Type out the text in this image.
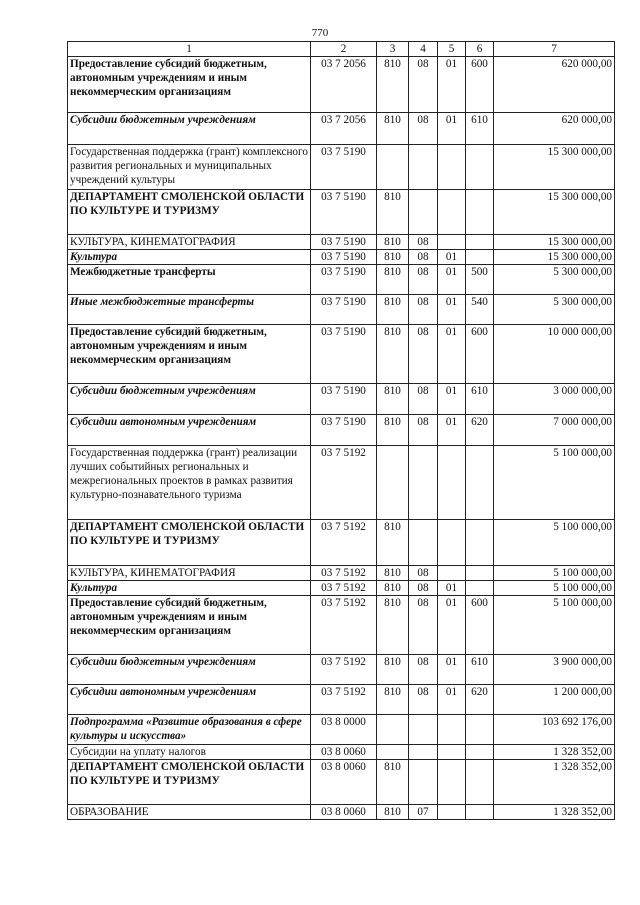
770
1	2	3	4	5	6	7
Предоставление субсидий бюджетным, автономным учреждениям и иным некоммерческим организациям	03 7 2056	810	08	01	600	620 000,00
Субсидии бюджетным учреждениям	03 7 2056	810	08	01	610	620 000,00
Государственная поддержка (грант) комплексного развития региональных и муниципальных учреждений культуры	03 7 5190					15 300 000,00
ДЕПАРТАМЕНТ СМОЛЕНСКОЙ ОБЛАСТИ ПО КУЛЬТУРЕ И ТУРИЗМУ	03 7 5190	810				15 300 000,00
КУЛЬТУРА, КИНЕМАТОГРАФИЯ	03 7 5190	810	08			15 300 000,00
Культура	03 7 5190	810	08	01		15 300 000,00
Межбюджетные трансферты	03 7 5190	810	08	01	500	5 300 000,00
Иные межбюджетные трансферты	03 7 5190	810	08	01	540	5 300 000,00
Предоставление субсидий бюджетным, автономным учреждениям и иным некоммерческим организациям	03 7 5190	810	08	01	600	10 000 000,00
Субсидии бюджетным учреждениям	03 7 5190	810	08	01	610	3 000 000,00
Субсидии автономным учреждениям	03 7 5190	810	08	01	620	7 000 000,00
Государственная поддержка (грант) реализации лучших событийных региональных и межрегиональных проектов в рамках развития культурно-познавательного туризма	03 7 5192					5 100 000,00
ДЕПАРТАМЕНТ СМОЛЕНСКОЙ ОБЛАСТИ ПО КУЛЬТУРЕ И ТУРИЗМУ	03 7 5192	810				5 100 000,00
КУЛЬТУРА, КИНЕМАТОГРАФИЯ	03 7 5192	810	08			5 100 000,00
Культура	03 7 5192	810	08	01		5 100 000,00
Предоставление субсидий бюджетным, автономным учреждениям и иным некоммерческим организациям	03 7 5192	810	08	01	600	5 100 000,00
Субсидии бюджетным учреждениям	03 7 5192	810	08	01	610	3 900 000,00
Субсидии автономным учреждениям	03 7 5192	810	08	01	620	1 200 000,00
Подпрограмма «Развитие образования в сфере культуры и искусства»	03 8 0000					103 692 176,00
Субсидии на уплату налогов	03 8 0060					1 328 352,00
ДЕПАРТАМЕНТ СМОЛЕНСКОЙ ОБЛАСТИ ПО КУЛЬТУРЕ И ТУРИЗМУ	03 8 0060	810				1 328 352,00
ОБРАЗОВАНИЕ	03 8 0060	810	07			1 328 352,00
